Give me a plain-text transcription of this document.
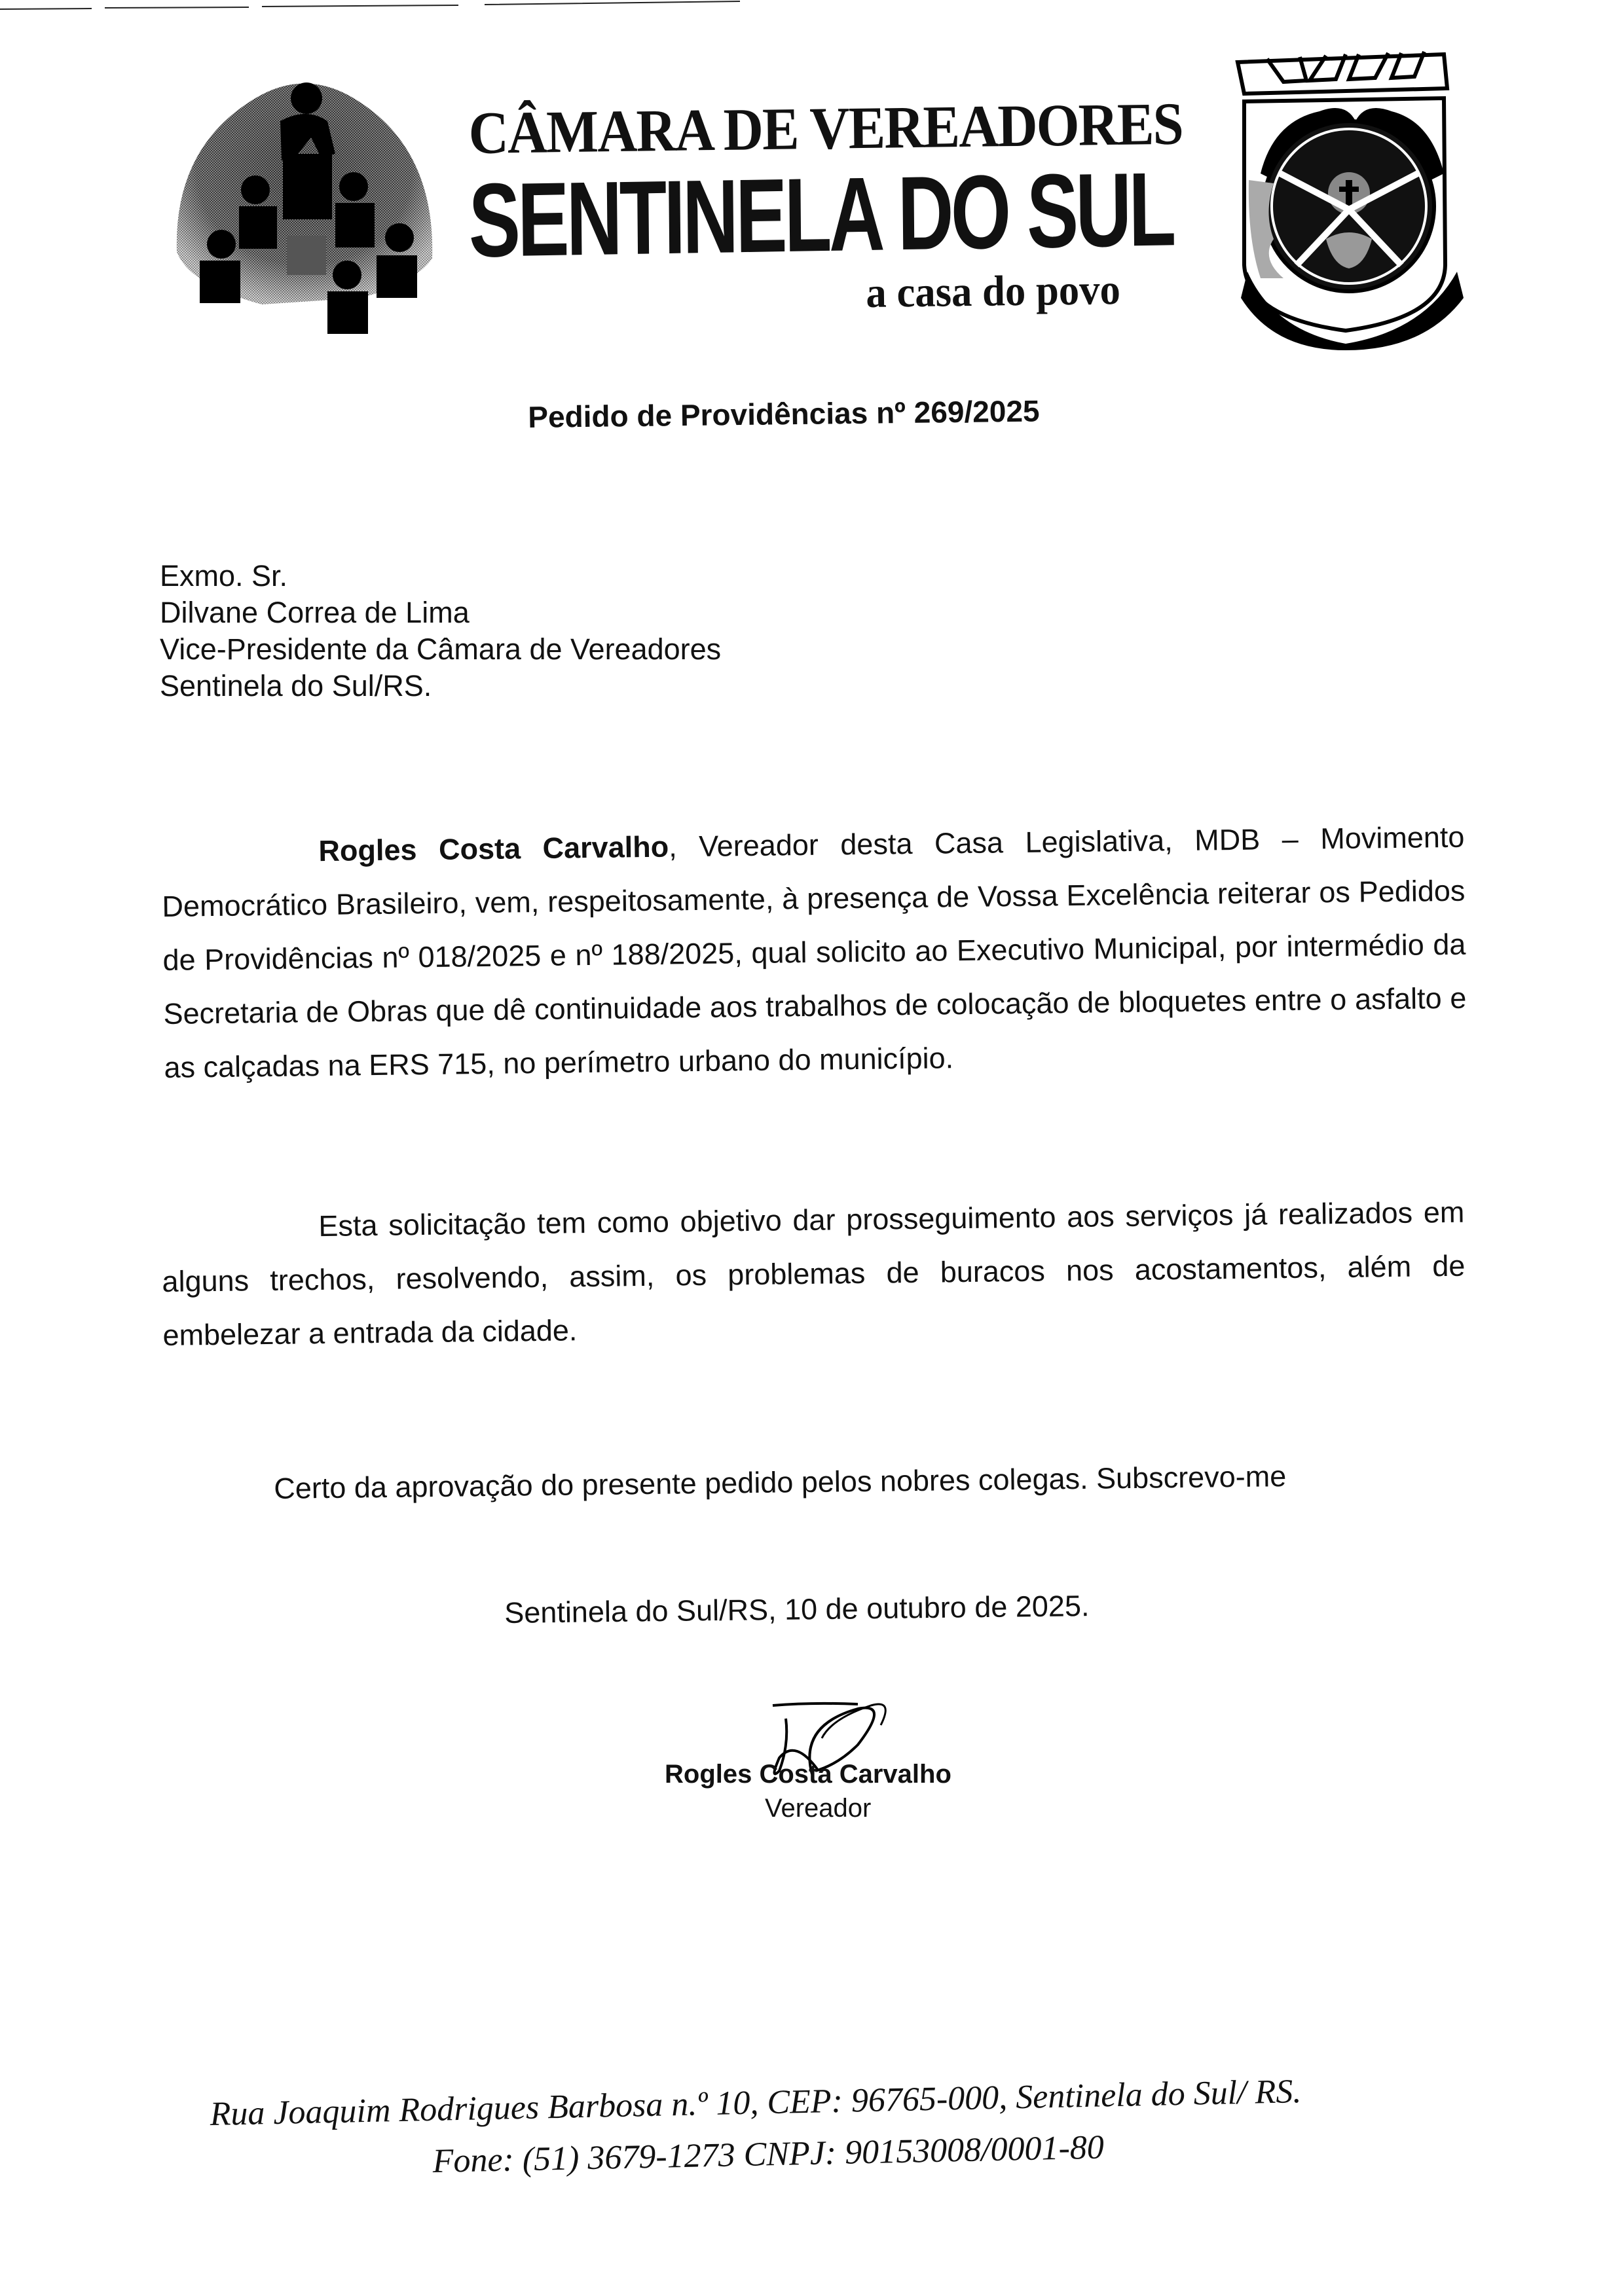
CÂMARA DE VEREADORES
SENTINELA DO SUL
a casa do povo
Pedido de Providências nº 269/2025
Exmo. Sr.
Dilvane Correa de Lima
Vice-Presidente da Câmara de Vereadores
Sentinela do Sul/RS.
Rogles Costa Carvalho, Vereador desta Casa Legislativa, MDB – Movimento Democrático Brasileiro, vem, respeitosamente, à presença de Vossa Excelência reiterar os Pedidos de Providências nº 018/2025 e nº 188/2025, qual solicito ao Executivo Municipal, por intermédio da Secretaria de Obras que dê continuidade aos trabalhos de colocação de bloquetes entre o asfalto e as calçadas na ERS 715, no perímetro urbano do município.
Esta solicitação tem como objetivo dar prosseguimento aos serviços já realizados em alguns trechos, resolvendo, assim, os problemas de buracos nos acostamentos, além de embelezar a entrada da cidade.
Certo da aprovação do presente pedido pelos nobres colegas. Subscrevo-me
Sentinela do Sul/RS, 10 de outubro de 2025.
Rogles Costa Carvalho
Vereador
Rua Joaquim Rodrigues Barbosa n.º 10, CEP: 96765-000, Sentinela do Sul/ RS.
Fone: (51) 3679-1273 CNPJ: 90153008/0001-80
